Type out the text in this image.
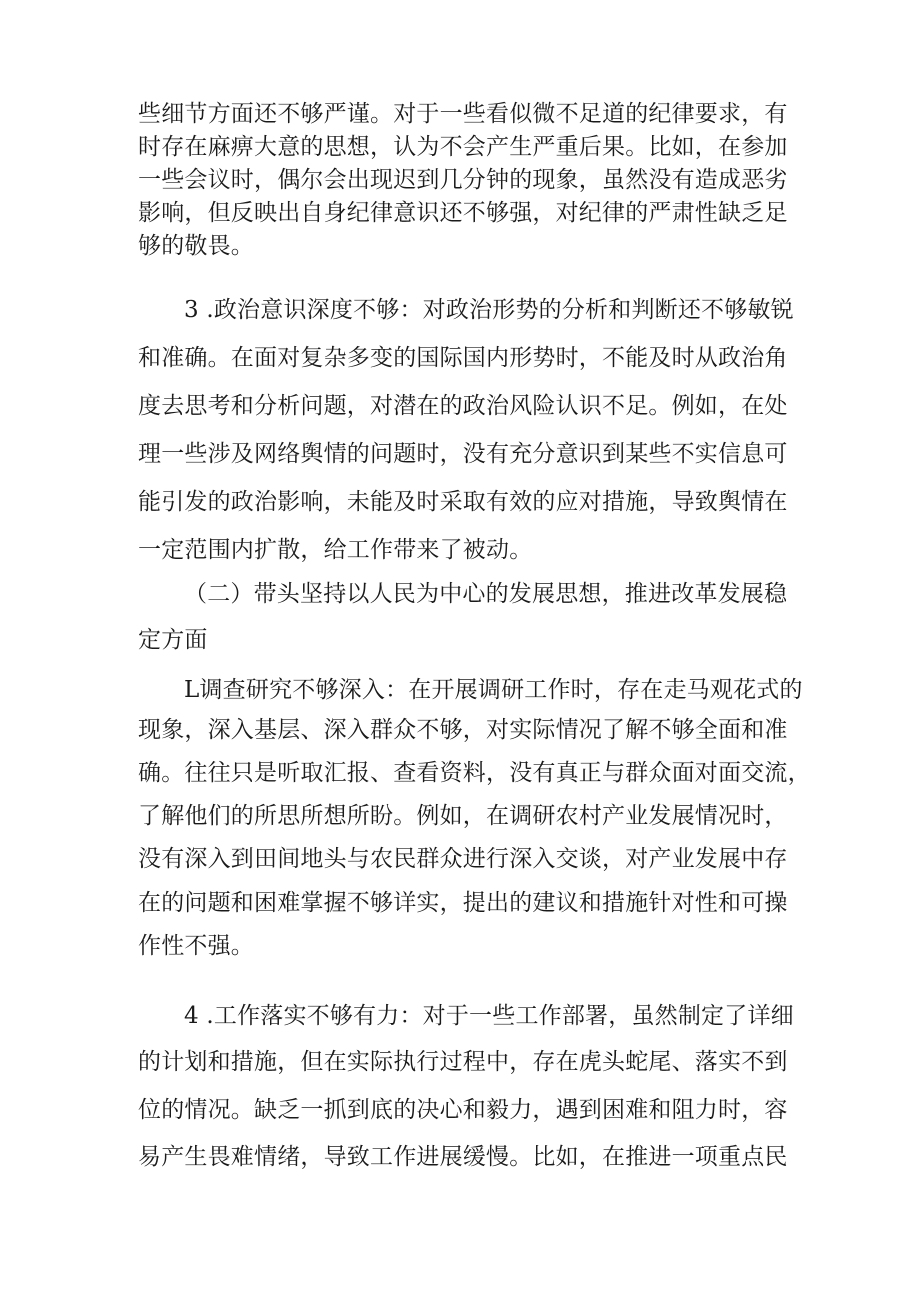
些细节方面还不够严谨。对于一些看似微不足道的纪律要求，有

时存在麻痹大意的思想，认为不会产生严重后果。比如，在参加

一些会议时，偶尔会出现迟到几分钟的现象，虽然没有造成恶劣

影响，但反映出自身纪律意识还不够强，对纪律的严肃性缺乏足

够的敬畏。

3 .政治意识深度不够：对政治形势的分析和判断还不够敏锐

和准确。在面对复杂多变的国际国内形势时，不能及时从政治角

度去思考和分析问题，对潜在的政治风险认识不足。例如，在处

理一些涉及网络舆情的问题时，没有充分意识到某些不实信息可

能引发的政治影响，未能及时采取有效的应对措施，导致舆情在

一定范围内扩散，给工作带来了被动。

（二）带头坚持以人民为中心的发展思想，推进改革发展稳

定方面

L调查研究不够深入：在开展调研工作时，存在走马观花式的

现象，深入基层、深入群众不够，对实际情况了解不够全面和准

确。往往只是听取汇报、查看资料，没有真正与群众面对面交流，

了解他们的所思所想所盼。例如，在调研农村产业发展情况时，

没有深入到田间地头与农民群众进行深入交谈，对产业发展中存

在的问题和困难掌握不够详实，提出的建议和措施针对性和可操

作性不强。

4 .工作落实不够有力：对于一些工作部署，虽然制定了详细

的计划和措施，但在实际执行过程中，存在虎头蛇尾、落实不到

位的情况。缺乏一抓到底的决心和毅力，遇到困难和阻力时，容

易产生畏难情绪，导致工作进展缓慢。比如，在推进一项重点民
